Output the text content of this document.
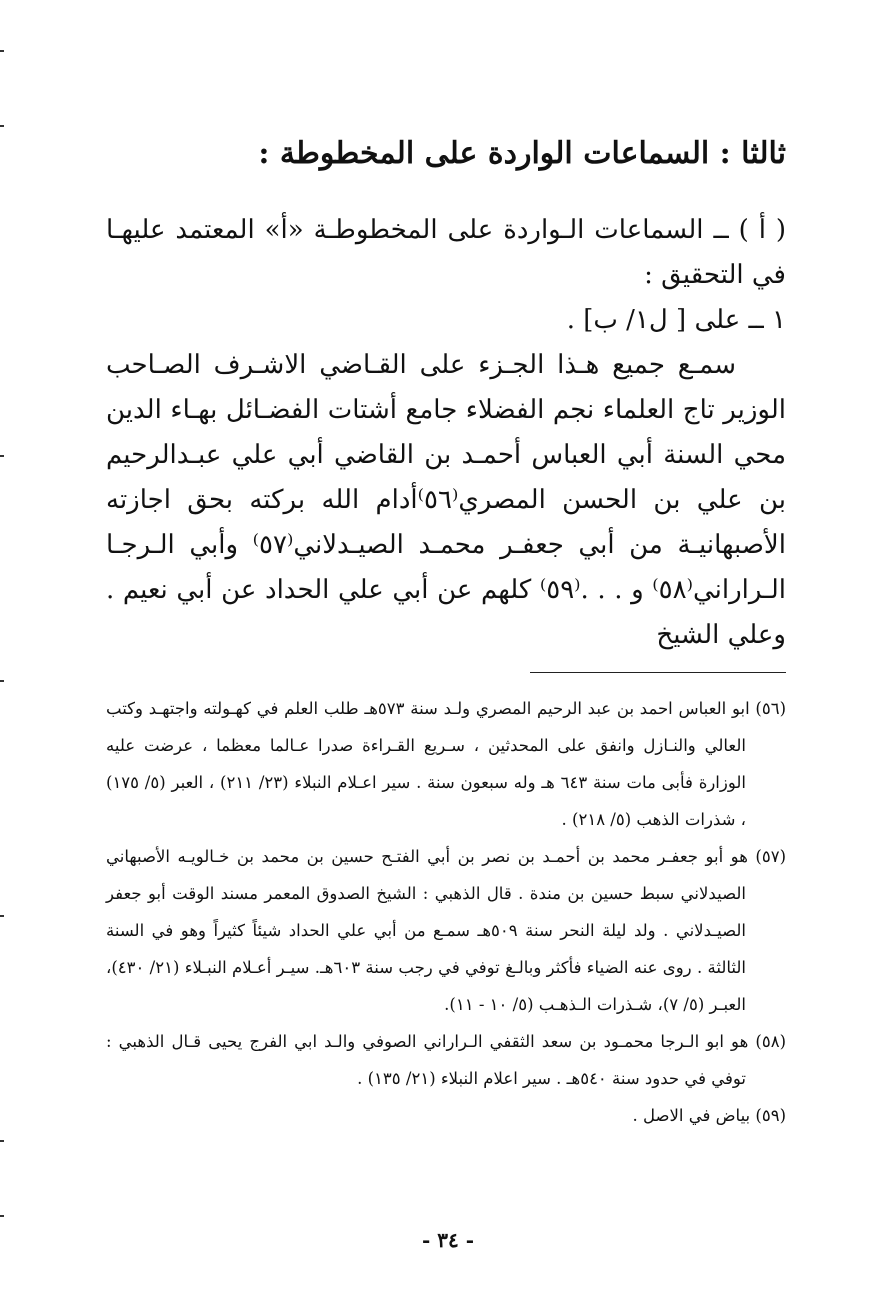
ثالثا : السماعات الواردة على المخطوطة :

( أ ) ــ السماعات الـواردة على المخطوطـة «أ» المعتمد عليهـا في التحقيق :

١ ــ على [ ل١/ ب] .

سمـع جميع هـذا الجـزء على القـاضي الاشـرف الصـاحب الوزير تاج العلماء نجم الفضلاء جامع أشتات الفضـائل بهـاء الدين محي السنة أبي العباس أحمـد بن القاضي أبي علي عبـدالرحيم بن علي بن الحسن المصري⁽٥٦⁾أدام الله بركته بحق اجازته الأصبهانيـة من أبي جعفـر محمـد الصيـدلاني⁽٥٧⁾ وأبي الـرجـا الـراراني⁽٥٨⁾ و . . .⁽٥٩⁾ كلهم عن أبي علي الحداد عن أبي نعيم . وعلي الشيخ

(٥٦) ابو العباس احمد بن عبد الرحيم المصري ولـد سنة ٥٧٣هـ طلب العلم في كهـولته واجتهـد وكتب العالي والنـازل وانفق على المحدثين ، سـريع القـراءة صدرا عـالما معظما ، عرضت عليه الوزارة فأبى مات سنة ٦٤٣ هـ وله سبعون سنة . سير اعـلام النبلاء (٢٣/ ٢١١) ، العبر (٥/ ١٧٥) ، شذرات الذهب (٥/ ٢١٨) .

(٥٧) هو أبو جعفـر محمد بن أحمـد بن نصر بن أبي الفتـح حسين بن محمد بن خـالويـه الأصبهاني الصيدلاني سبط حسين بن مندة . قال الذهبي : الشيخ الصدوق المعمر مسند الوقت أبو جعفر الصيـدلاني . ولد ليلة النحر سنة ٥٠٩هـ سمـع من أبي علي الحداد شيئاً كثيراً وهو في السنة الثالثة . روى عنه الضياء فأكثر وبالـغ توفي في رجب سنة ٦٠٣هـ. سيـر أعـلام النبـلاء (٢١/ ٤٣٠)، العبـر (٥/ ٧)، شـذرات الـذهـب (٥/ ١٠ - ١١).

(٥٨) هو ابو الـرجا محمـود بن سعد الثقفي الـراراني الصوفي والـد ابي الفرج يحيى قـال الذهبي : توفي في حدود سنة ٥٤٠هـ . سير اعلام النبلاء (٢١/ ١٣٥) .

(٥٩) بياض في الاصل .

- ٣٤ -
